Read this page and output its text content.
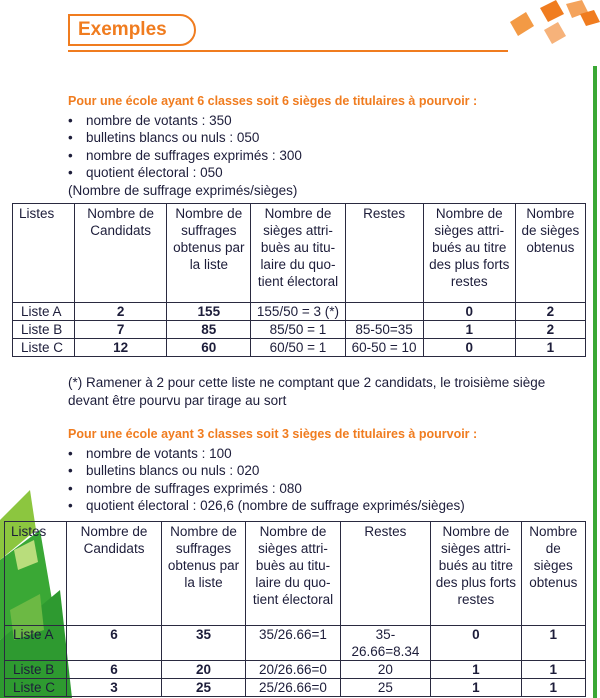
Exemples
Pour une école ayant 6 classes soit 6 sièges de titulaires à pourvoir :
• nombre de votants : 350
• bulletins blancs ou nuls : 050
• nombre de suffrages exprimés : 300
• quotient électoral : 050
(Nombre de suffrage exprimés/sièges)
Listes	Nombre de Candidats	Nombre de suffrages obtenus par la liste	Nombre de sièges attri-buès au titu-laire du quo-tient électoral	Restes	Nombre de sièges attri-bués au titre des plus forts restes	Nombre de sièges obtenus
Liste A	2	155	155/50 = 3 (*)		0	2
Liste B	7	85	85/50 = 1	85-50=35	1	2
Liste C	12	60	60/50 = 1	60-50 = 10	0	1
(*) Ramener à 2 pour cette liste ne comptant que 2 candidats, le troisième siège devant être pourvu par tirage au sort
Pour une école ayant 3 classes soit 3 sièges de titulaires à pourvoir :
• nombre de votants : 100
• bulletins blancs ou nuls : 020
• nombre de suffrages exprimés : 080
• quotient électoral : 026,6 (nombre de suffrage exprimés/sièges)
Listes	Nombre de Candidats	Nombre de suffrages obtenus par la liste	Nombre de sièges attri-buès au titu-laire du quo-tient électoral	Restes	Nombre de sièges attri-bués au titre des plus forts restes	Nombre de sièges obtenus
Liste A	6	35	35/26.66=1	35-26.66=8.34	0	1
Liste B	6	20	20/26.66=0	20	1	1
Liste C	3	25	25/26.66=0	25	1	1
